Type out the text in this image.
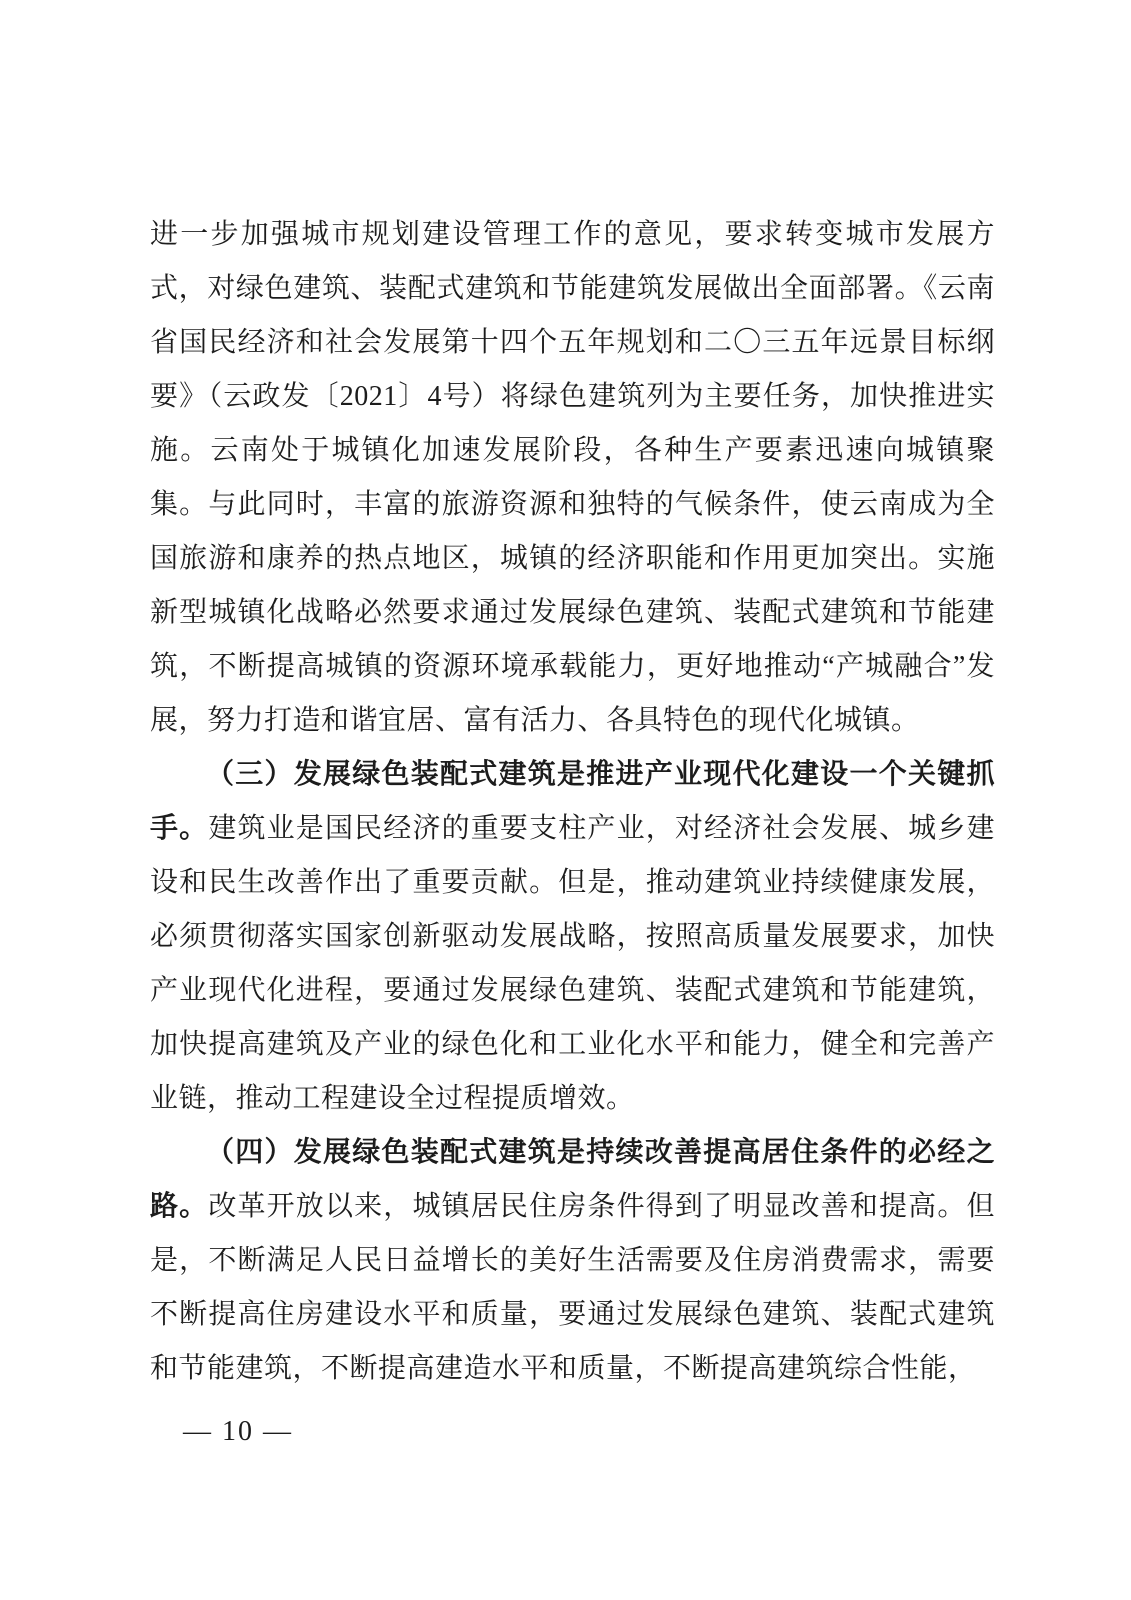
进一步加强城市规划建设管理工作的意见，要求转变城市发展方式，对绿色建筑、装配式建筑和节能建筑发展做出全面部署。《云南省国民经济和社会发展第十四个五年规划和二〇三五年远景目标纲要》（云政发〔2021〕4号）将绿色建筑列为主要任务，加快推进实施。云南处于城镇化加速发展阶段，各种生产要素迅速向城镇聚集。与此同时，丰富的旅游资源和独特的气候条件，使云南成为全国旅游和康养的热点地区，城镇的经济职能和作用更加突出。实施新型城镇化战略必然要求通过发展绿色建筑、装配式建筑和节能建筑，不断提高城镇的资源环境承载能力，更好地推动“产城融合”发展，努力打造和谐宜居、富有活力、各具特色的现代化城镇。

（三）发展绿色装配式建筑是推进产业现代化建设一个关键抓手。建筑业是国民经济的重要支柱产业，对经济社会发展、城乡建设和民生改善作出了重要贡献。但是，推动建筑业持续健康发展，必须贯彻落实国家创新驱动发展战略，按照高质量发展要求，加快产业现代化进程，要通过发展绿色建筑、装配式建筑和节能建筑，加快提高建筑及产业的绿色化和工业化水平和能力，健全和完善产业链，推动工程建设全过程提质增效。

（四）发展绿色装配式建筑是持续改善提高居住条件的必经之路。改革开放以来，城镇居民住房条件得到了明显改善和提高。但是，不断满足人民日益增长的美好生活需要及住房消费需求，需要不断提高住房建设水平和质量，要通过发展绿色建筑、装配式建筑和节能建筑，不断提高建造水平和质量，不断提高建筑综合性能，

— 10 —
